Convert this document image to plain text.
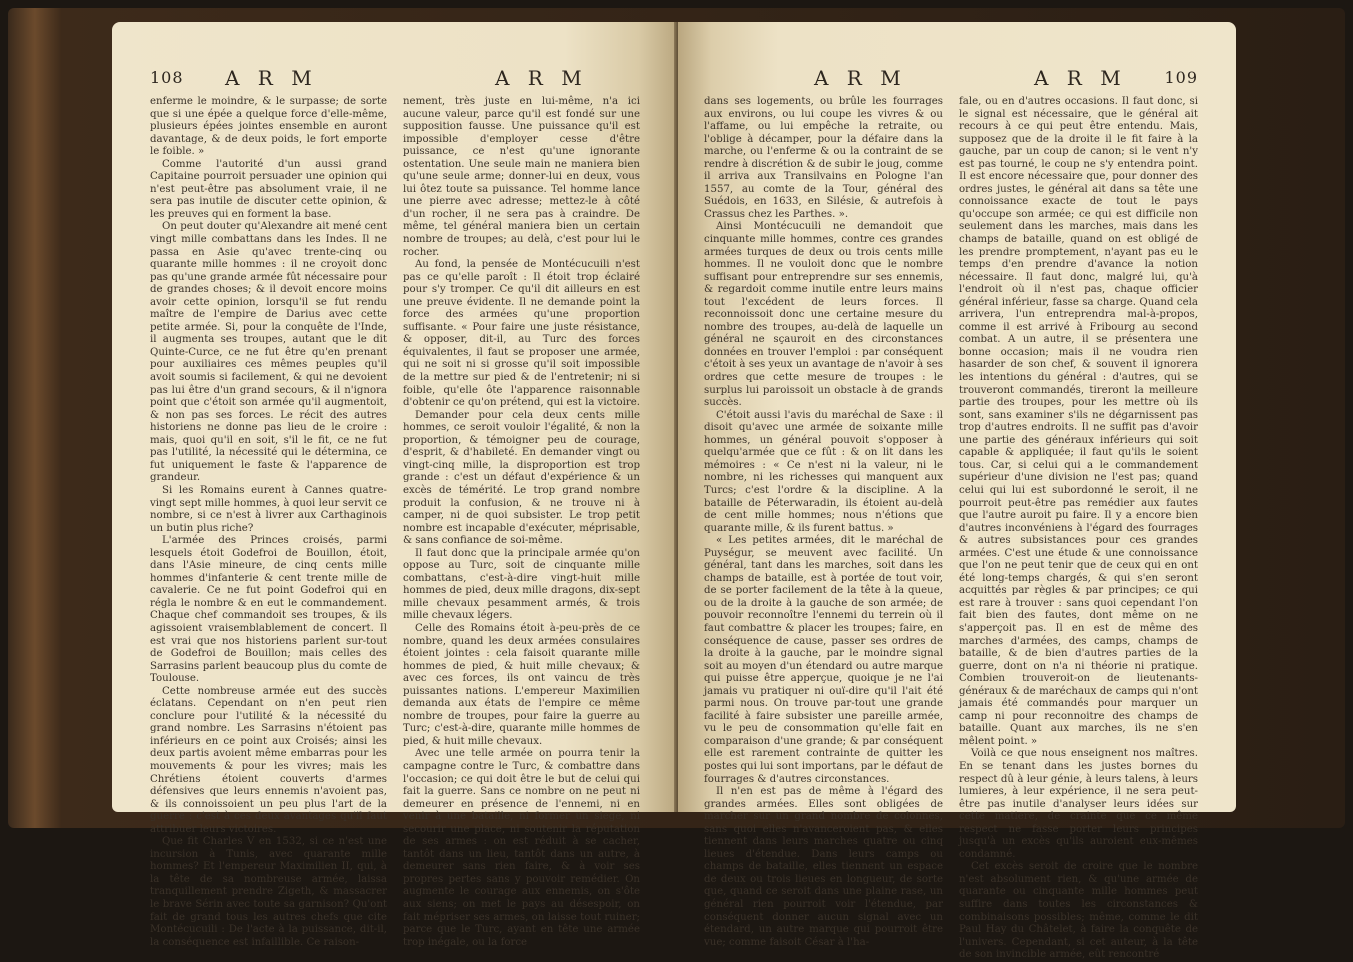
108 A R M	A R M

enferme le moindre, & le surpasse; de sorte que si une épée a quelque force d'elle-même, plusieurs épées jointes ensemble en auront davantage, & de deux poids, le fort emporte le foible. »

Comme l'autorité d'un aussi grand Capitaine pourroit persuader une opinion qui n'est peut-être pas absolument vraie, il ne sera pas inutile de discuter cette opinion, & les preuves qui en forment la base.

On peut douter qu'Alexandre ait mené cent vingt mille combattans dans les Indes. Il ne passa en Asie qu'avec trente-cinq ou quarante mille hommes : il ne croyoit donc pas qu'une grande armée fût nécessaire pour de grandes choses; & il devoit encore moins avoir cette opinion, lorsqu'il se fut rendu maître de l'empire de Darius avec cette petite armée. Si, pour la conquête de l'Inde, il augmenta ses troupes, autant que le dit Quinte-Curce, ce ne fut être qu'en prenant pour auxiliaires ces mêmes peuples qu'il avoit soumis si facilement, & qui ne devoient pas lui être d'un grand secours, & il n'ignora point que c'étoit son armée qu'il augmentoit, & non pas ses forces. Le récit des autres historiens ne donne pas lieu de le croire : mais, quoi qu'il en soit, s'il le fit, ce ne fut pas l'utilité, la nécessité qui le détermina, ce fut uniquement le faste & l'apparence de grandeur.

Si les Romains eurent à Cannes quatre-vingt sept mille hommes, à quoi leur servit ce nombre, si ce n'est à livrer aux Carthaginois un butin plus riche?

L'armée des Princes croisés, parmi lesquels étoit Godefroi de Bouillon, étoit, dans l'Asie mineure, de cinq cents mille hommes d'infanterie & cent trente mille de cavalerie. Ce ne fut point Godefroi qui en régla le nombre & en eut le commandement. Chaque chef commandoit ses troupes, & ils agissoient vraisemblablement de concert. Il est vrai que nos historiens parlent sur-tout de Godefroi de Bouillon; mais celles des Sarrasins parlent beaucoup plus du comte de Toulouse.

Cette nombreuse armée eut des succès éclatans. Cependant on n'en peut rien conclure pour l'utilité & la nécessité du grand nombre. Les Sarrasins n'étoient pas inférieurs en ce point aux Croisés; ainsi les deux partis avoient même embarras pour les mouvements & pour les vivres; mais les Chrétiens étoient couverts d'armes défensives que leurs ennemis n'avoient pas, & ils connoissoient un peu plus l'art de la guerre : c'est à ces deux avantages qu'il faut attribuer leurs victoires.

Que fit Charles V en 1532, si ce n'est une incursion à Tunis, avec quarante mille hommes? Et l'empereur Maximilien II, qui, à la tête de sa nombreuse armée, laissa tranquillement prendre Zigeth, & massacrer le brave Sérin avec toute sa garnison? Qu'ont fait de grand tous les autres chefs que cite Montécucuili : De l'acte à la puissance, dit-il, la conséquence est infaillible. Ce raison-

nement, très juste en lui-même, n'a ici aucune valeur, parce qu'il est fondé sur une supposition fausse. Une puissance qu'il est impossible d'employer cesse d'être puissance, ce n'est qu'une ignorante ostentation. Une seule main ne maniera bien qu'une seule arme; donner-lui en deux, vous lui ôtez toute sa puissance. Tel homme lance une pierre avec adresse; mettez-le à côté d'un rocher, il ne sera pas à craindre. De même, tel général maniera bien un certain nombre de troupes; au delà, c'est pour lui le rocher.

Au fond, la pensée de Montécucuili n'est pas ce qu'elle paroît : Il étoit trop éclairé pour s'y tromper. Ce qu'il dit ailleurs en est une preuve évidente. Il ne demande point la force des armées qu'une proportion suffisante. « Pour faire une juste résistance, & opposer, dit-il, au Turc des forces équivalentes, il faut se proposer une armée, qui ne soit ni si grosse qu'il soit impossible de la mettre sur pied & de l'entretenir; ni si foible, qu'elle ôte l'apparence raisonnable d'obtenir ce qu'on prétend, qui est la victoire.

Demander pour cela deux cents mille hommes, ce seroit vouloir l'égalité, & non la proportion, & témoigner peu de courage, d'esprit, & d'habileté. En demander vingt ou vingt-cinq mille, la disproportion est trop grande : c'est un défaut d'expérience & un excès de témérité. Le trop grand nombre produit la confusion, & ne trouve ni à camper, ni de quoi subsister. Le trop petit nombre est incapable d'exécuter, méprisable, & sans confiance de soi-même.

Il faut donc que la principale armée qu'on oppose au Turc, soit de cinquante mille combattans, c'est-à-dire vingt-huit mille hommes de pied, deux mille dragons, dix-sept mille chevaux pesamment armés, & trois mille chevaux légers.

Celle des Romains étoit à-peu-près de ce nombre, quand les deux armées consulaires étoient jointes : cela faisoit quarante mille hommes de pied, & huit mille chevaux; & avec ces forces, ils ont vaincu de très puissantes nations. L'empereur Maximilien demanda aux états de l'empire ce même nombre de troupes, pour faire la guerre au Turc; c'est-à-dire, quarante mille hommes de pied, & huit mille chevaux.

Avec une telle armée on pourra tenir la campagne contre le Turc, & combattre dans l'occasion; ce qui doit être le but de celui qui fait la guerre. Sans ce nombre on ne peut ni demeurer en présence de l'ennemi, ni en venir à une bataille, ni former un siege, ni secourir une place, ni soutenir la réputation de ses armes : on est réduit à se cacher, tantôt dans un lieu, tantôt dans un autre, à demeurer sans rien faire, & à voir ses propres pertes sans y pouvoir remédier. On augmente le courage aux ennemis, on s'ôte aux siens; on met le pays au désespoir, on fait mépriser ses armes, on laisse tout ruiner; parce que le Turc, ayant en tête une armée trop inégale, ou la force

A R M	A R M 109

dans ses logements, ou brûle les fourrages aux environs, ou lui coupe les vivres & ou l'affame, ou lui empêche la retraite, ou l'oblige à décamper, pour la défaire dans la marche, ou l'enferme & ou la contraint de se rendre à discrétion & de subir le joug, comme il arriva aux Transilvains en Pologne l'an 1557, au comte de la Tour, général des Suédois, en 1633, en Silésie, & autrefois à Crassus chez les Parthes. ».

Ainsi Montécucuili ne demandoit que cinquante mille hommes, contre ces grandes armées turques de deux ou trois cents mille hommes. Il ne vouloit donc que le nombre suffisant pour entreprendre sur ses ennemis, & regardoit comme inutile entre leurs mains tout l'excédent de leurs forces. Il reconnoissoit donc une certaine mesure du nombre des troupes, au-delà de laquelle un général ne sçauroit en des circonstances données en trouver l'emploi : par conséquent c'étoit à ses yeux un avantage de n'avoir à ses ordres que cette mesure de troupes : le surplus lui paroissoit un obstacle à de grands succès.

C'étoit aussi l'avis du maréchal de Saxe : il disoit qu'avec une armée de soixante mille hommes, un général pouvoit s'opposer à quelqu'armée que ce fût : & on lit dans les mémoires : « Ce n'est ni la valeur, ni le nombre, ni les richesses qui manquent aux Turcs; c'est l'ordre & la discipline. A la bataille de Péterwaradin, ils étoient au-delà de cent mille hommes; nous n'étions que quarante mille, & ils furent battus. »

« Les petites armées, dit le maréchal de Puységur, se meuvent avec facilité. Un général, tant dans les marches, soit dans les champs de bataille, est à portée de tout voir, de se porter facilement de la tête à la queue, ou de la droite à la gauche de son armée; de pouvoir reconnoître l'ennemi du terrein où il faut combattre & placer les troupes; faire, en conséquence de cause, passer ses ordres de la droite à la gauche, par le moindre signal soit au moyen d'un étendard ou autre marque qui puisse être apperçue, quoique je ne l'ai jamais vu pratiquer ni ouï-dire qu'il l'ait été parmi nous. On trouve par-tout une grande facilité à faire subsister une pareille armée, vu le peu de consommation qu'elle fait en comparaison d'une grande; & par conséquent elle est rarement contrainte de quitter les postes qui lui sont importans, par le défaut de fourrages & d'autres circonstances.

Il n'en est pas de même à l'égard des grandes armées. Elles sont obligées de marcher sur un grand nombre de colonnes, sans quoi elles n'avanceroient pas, & elles tiennent dans leurs marches quatre ou cinq lieues d'étendue. Dans leurs camps ou champs de bataille, elles tiennent un espace de deux ou trois lieues en longueur, de sorte que, quand ce seroit dans une plaine rase, un général rien pourroit voir l'étendue, par conséquent donner aucun signal avec un étendard, un autre marque qui pourroit être vue; comme faisoit César à l'ha-

fale, ou en d'autres occasions. Il faut donc, si le signal est nécessaire, que le général ait recours à ce qui peut être entendu. Mais, supposez que de la droite il le fit faire à la gauche, par un coup de canon; si le vent n'y est pas tourné, le coup ne s'y entendra point. Il est encore nécessaire que, pour donner des ordres justes, le général ait dans sa tête une connoissance exacte de tout le pays qu'occupe son armée; ce qui est difficile non seulement dans les marches, mais dans les champs de bataille, quand on est obligé de les prendre promptement, n'ayant pas eu le temps d'en prendre d'avance la notion nécessaire. Il faut donc, malgré lui, qu'à l'endroit où il n'est pas, chaque officier général inférieur, fasse sa charge. Quand cela arrivera, l'un entreprendra mal-à-propos, comme il est arrivé à Fribourg au second combat. A un autre, il se présentera une bonne occasion; mais il ne voudra rien hasarder de son chef, & souvent il ignorera les intentions du général : d'autres, qui se trouveront commandés, tireront la meilleure partie des troupes, pour les mettre où ils sont, sans examiner s'ils ne dégarnissent pas trop d'autres endroits. Il ne suffit pas d'avoir une partie des généraux inférieurs qui soit capable & appliquée; il faut qu'ils le soient tous. Car, si celui qui a le commandement supérieur d'une division ne l'est pas; quand celui qui lui est subordonné le seroit, il ne pourroit peut-être pas remédier aux fautes que l'autre auroit pu faire. Il y a encore bien d'autres inconvéniens à l'égard des fourrages & autres subsistances pour ces grandes armées. C'est une étude & une connoissance que l'on ne peut tenir que de ceux qui en ont été long-temps chargés, & qui s'en seront acquittés par règles & par principes; ce qui est rare à trouver : sans quoi cependant l'on fait bien des fautes, dont même on ne s'apperçoit pas. Il en est de même des marches d'armées, des camps, champs de bataille, & de bien d'autres parties de la guerre, dont on n'a ni théorie ni pratique. Combien trouveroit-on de lieutenants-généraux & de maréchaux de camps qui n'ont jamais été commandés pour marquer un camp ni pour reconnoitre des champs de bataille. Quant aux marches, ils ne s'en mêlent point. »

Voilà ce que nous enseignent nos maîtres. En se tenant dans les justes bornes du respect dû à leur génie, à leurs talens, à leurs lumieres, à leur expérience, il ne sera peut-être pas inutile d'analyser leurs idées sur cette matiere, de crainte que ce même respect ne fasse porter leurs principes jusqu'à un excès qu'ils auroient eux-mêmes condamné.

Cet excès seroit de croire que le nombre n'est absolument rien, & qu'une armée de quarante ou cinquante mille hommes peut suffire dans toutes les circonstances & combinaisons possibles; même, comme le dit Paul Hay du Châtelet, à faire la conquête de l'univers. Cependant, si cet auteur, à la tête de son invincible armée, eût rencontré
